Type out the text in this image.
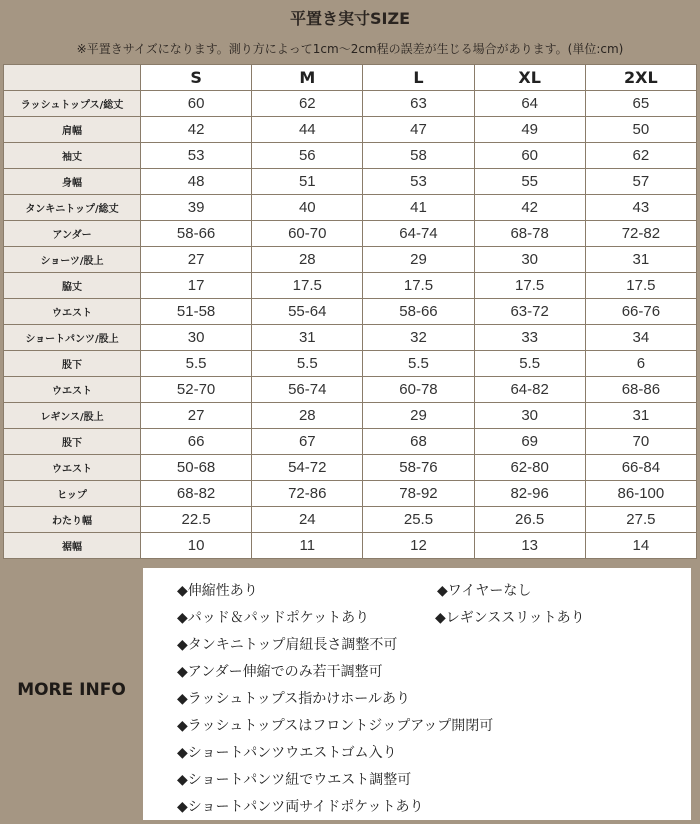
平置き実寸SIZE
※平置きサイズになります。測り方によって1cm～2cm程の誤差が生じる場合があります。(単位:cm)
	S	M	L	XL	2XL
ラッシュトップス/総丈	60	62	63	64	65
肩幅	42	44	47	49	50
袖丈	53	56	58	60	62
身幅	48	51	53	55	57
タンキニトップ/総丈	39	40	41	42	43
アンダー	58-66	60-70	64-74	68-78	72-82
ショーツ/股上	27	28	29	30	31
脇丈	17	17.5	17.5	17.5	17.5
ウエスト	51-58	55-64	58-66	63-72	66-76
ショートパンツ/股上	30	31	32	33	34
股下	5.5	5.5	5.5	5.5	6
ウエスト	52-70	56-74	60-78	64-82	68-86
レギンス/股上	27	28	29	30	31
股下	66	67	68	69	70
ウエスト	50-68	54-72	58-76	62-80	66-84
ヒップ	68-82	72-86	78-92	82-96	86-100
わたり幅	22.5	24	25.5	26.5	27.5
裾幅	10	11	12	13	14
MORE INFO
◆伸縮性あり	◆ワイヤーなし
◆パッド＆パッドポケットあり	◆レギンススリットあり
◆タンキニトップ肩紐長さ調整不可
◆アンダー伸縮でのみ若干調整可
◆ラッシュトップス指かけホールあり
◆ラッシュトップスはフロントジップアップ開閉可
◆ショートパンツウエストゴム入り
◆ショートパンツ紐でウエスト調整可
◆ショートパンツ両サイドポケットあり
